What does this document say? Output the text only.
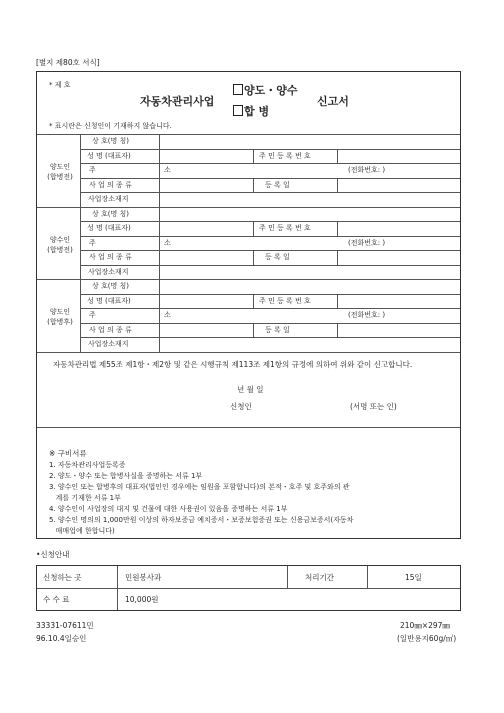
[별지 제80호 서식]
* 제 호
자동차관리사업
양도・양수
합 병
신고서
* 표시란은 신청인이 기재하지 않습니다.
상 호(명 칭)
성 명 (대표자)	주 민 등 록 번 호
주	소	(전화번호: )
사 업 의 종 류	등 록 일
사업장소재지
양도인
(합병전)
상 호(명 칭)
성 명 (대표자)	주 민 등 록 번 호
주	소	(전화번호: )
사 업 의 종 류	등 록 일
사업장소재지
양수인
(합병전)
상 호(명 칭)
성 명 (대표자)	주 민 등 록 번 호
주	소	(전화번호: )
사 업 의 종 류	등 록 일
사업장소재지
양도인
(합병후)
자동차관리법 제55조 제1항・제2항 및 같은 시행규칙 제113조 제1항의 규정에 의하여 위와 같이 신고합니다.
년 월 일
신청인	(서명 또는 인)
※ 구비서류
1. 자동차관리사업등록증
2. 양도・양수 또는 합병사실을 증명하는 서류 1부
3. 양수인 또는 합병후의 대표자(법인인 경우에는 임원을 포함합니다)의 본적・호주 및 호주와의 관
계를 기재한 서류 1부
4. 양수인이 사업장의 대지 및 건물에 대한 사용권이 있음을 증명하는 서류 1부
5. 양수인 명의의 1,000만원 이상의 하자보증금 예치증서・보증보험증권 또는 신용금보증서(자동차
매매업에 한합니다)
•신청안내
신청하는 곳	민원봉사과	처리기간	15일
수 수 료	10,000원
33331-07611민
96.10.4일승인
210㎜×297㎜
(일반용지60g/㎡)
